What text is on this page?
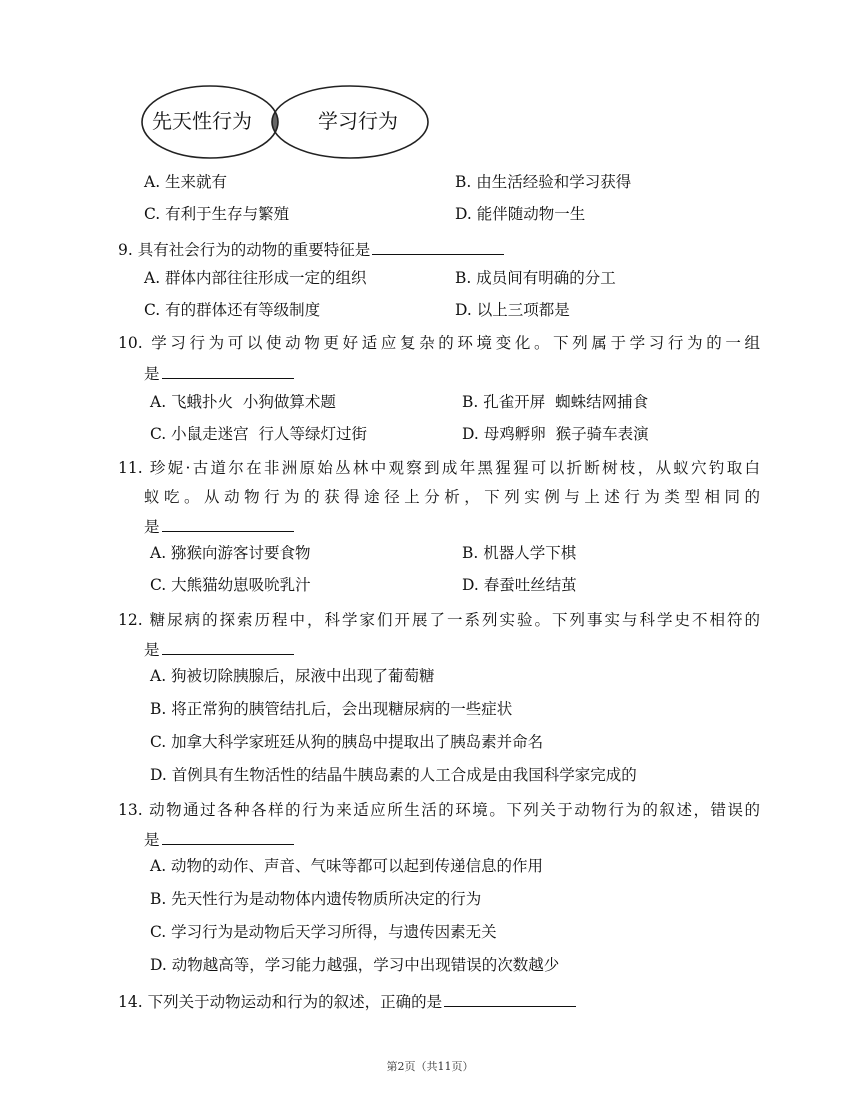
先天性行为	学习行为
A. 生来就有	B. 由生活经验和学习获得
C. 有利于生存与繁殖	D. 能伴随动物一生
9. 具有社会行为的动物的重要特征是
A. 群体内部往往形成一定的组织	B. 成员间有明确的分工
C. 有的群体还有等级制度	D. 以上三项都是
10. 学习行为可以使动物更好适应复杂的环境变化。下列属于学习行为的一组
是
A. 飞蛾扑火  小狗做算术题	B. 孔雀开屏  蜘蛛结网捕食
C. 小鼠走迷宫  行人等绿灯过街	D. 母鸡孵卵  猴子骑车表演
11. 珍妮·古道尔在非洲原始丛林中观察到成年黑猩猩可以折断树枝，从蚁穴钓取白
蚁吃。从动物行为的获得途径上分析，下列实例与上述行为类型相同的
是
A. 猕猴向游客讨要食物	B. 机器人学下棋
C. 大熊猫幼崽吸吮乳汁	D. 春蚕吐丝结茧
12. 糖尿病的探索历程中，科学家们开展了一系列实验。下列事实与科学史不相符的
是
A. 狗被切除胰腺后，尿液中出现了葡萄糖
B. 将正常狗的胰管结扎后，会出现糖尿病的一些症状
C. 加拿大科学家班廷从狗的胰岛中提取出了胰岛素并命名
D. 首例具有生物活性的结晶牛胰岛素的人工合成是由我国科学家完成的
13. 动物通过各种各样的行为来适应所生活的环境。下列关于动物行为的叙述，错误的
是
A. 动物的动作、声音、气味等都可以起到传递信息的作用
B. 先天性行为是动物体内遗传物质所决定的行为
C. 学习行为是动物后天学习所得，与遗传因素无关
D. 动物越高等，学习能力越强，学习中出现错误的次数越少
14. 下列关于动物运动和行为的叙述，正确的是
第2页（共11页）
